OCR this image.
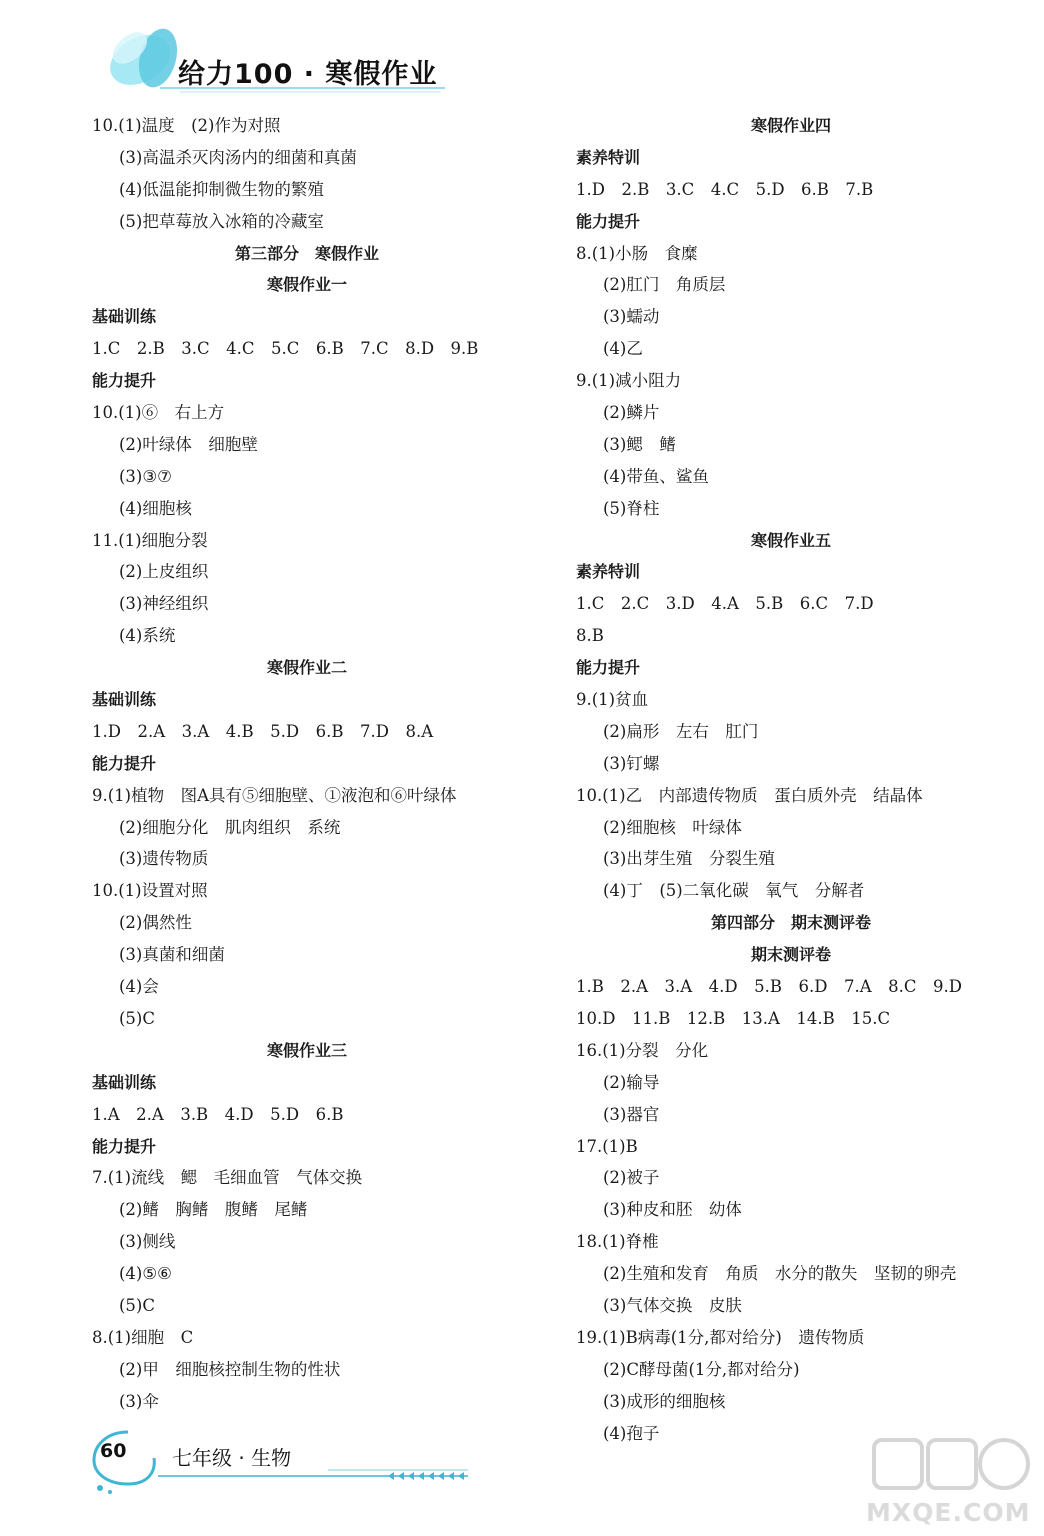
给力100 · 寒假作业
10.(1)温度　(2)作为对照
(3)高温杀灭肉汤内的细菌和真菌
(4)低温能抑制微生物的繁殖
(5)把草莓放入冰箱的冷藏室
第三部分　寒假作业
寒假作业一
基础训练
1.C　2.B　3.C　4.C　5.C　6.B　7.C　8.D　9.B
能力提升
10.(1)⑥　右上方
(2)叶绿体　细胞壁
(3)③⑦
(4)细胞核
11.(1)细胞分裂
(2)上皮组织
(3)神经组织
(4)系统
寒假作业二
基础训练
1.D　2.A　3.A　4.B　5.D　6.B　7.D　8.A
能力提升
9.(1)植物　图A具有⑤细胞壁、①液泡和⑥叶绿体
(2)细胞分化　肌肉组织　系统
(3)遗传物质
10.(1)设置对照
(2)偶然性
(3)真菌和细菌
(4)会
(5)C
寒假作业三
基础训练
1.A　2.A　3.B　4.D　5.D　6.B
能力提升
7.(1)流线　鳃　毛细血管　气体交换
(2)鳍　胸鳍　腹鳍　尾鳍
(3)侧线
(4)⑤⑥
(5)C
8.(1)细胞　C
(2)甲　细胞核控制生物的性状
(3)伞
寒假作业四
素养特训
1.D　2.B　3.C　4.C　5.D　6.B　7.B
能力提升
8.(1)小肠　食糜
(2)肛门　角质层
(3)蠕动
(4)乙
9.(1)减小阻力
(2)鳞片
(3)鳃　鳍
(4)带鱼、鲨鱼
(5)脊柱
寒假作业五
素养特训
1.C　2.C　3.D　4.A　5.B　6.C　7.D
8.B
能力提升
9.(1)贫血
(2)扁形　左右　肛门
(3)钉螺
10.(1)乙　内部遗传物质　蛋白质外壳　结晶体
(2)细胞核　叶绿体
(3)出芽生殖　分裂生殖
(4)丁　(5)二氧化碳　氧气　分解者
第四部分　期末测评卷
期末测评卷
1.B　2.A　3.A　4.D　5.B　6.D　7.A　8.C　9.D
10.D　11.B　12.B　13.A　14.B　15.C
16.(1)分裂　分化
(2)输导
(3)器官
17.(1)B
(2)被子
(3)种皮和胚　幼体
18.(1)脊椎
(2)生殖和发育　角质　水分的散失　坚韧的卵壳
(3)气体交换　皮肤
19.(1)B病毒(1分,都对给分)　遗传物质
(2)C酵母菌(1分,都对给分)
(3)成形的细胞核
(4)孢子
60 七年级 · 生物
MXQE.COM
